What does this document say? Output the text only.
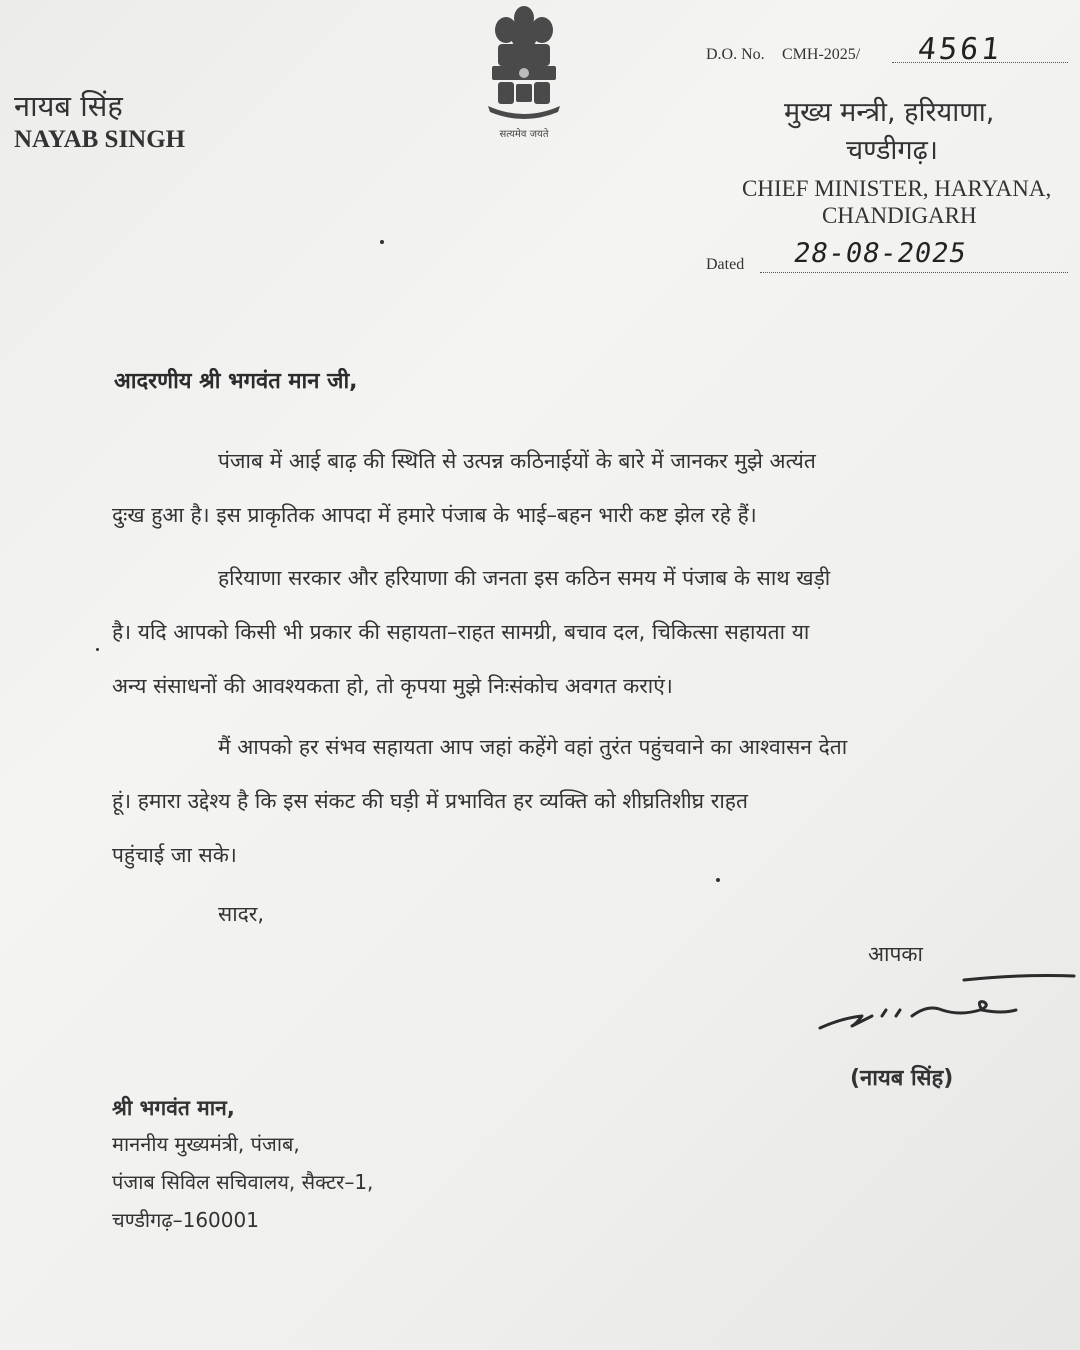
नायब सिंह
NAYAB SINGH	सत्यमेव जयते
D.O. No. CMH-2025/ 4561
मुख्य मन्त्री, हरियाणा,
चण्डीगढ़।
CHIEF MINISTER, HARYANA,
CHANDIGARH
Dated 28-08-2025
आदरणीय श्री भगवंत मान जी,
पंजाब में आई बाढ़ की स्थिति से उत्पन्न कठिनाईयों के बारे में जानकर मुझे अत्यंत
दुःख हुआ है। इस प्राकृतिक आपदा में हमारे पंजाब के भाई–बहन भारी कष्ट झेल रहे हैं।
हरियाणा सरकार और हरियाणा की जनता इस कठिन समय में पंजाब के साथ खड़ी
है। यदि आपको किसी भी प्रकार की सहायता–राहत सामग्री, बचाव दल, चिकित्सा सहायता या
अन्य संसाधनों की आवश्यकता हो, तो कृपया मुझे निःसंकोच अवगत कराएं।
मैं आपको हर संभव सहायता आप जहां कहेंगे वहां तुरंत पहुंचवाने का आश्वासन देता
हूं। हमारा उद्देश्य है कि इस संकट की घड़ी में प्रभावित हर व्यक्ति को शीघ्रतिशीघ्र राहत
पहुंचाई जा सके।
सादर,
आपका
(नायब सिंह)
श्री भगवंत मान,
माननीय मुख्यमंत्री, पंजाब,
पंजाब सिविल सचिवालय, सैक्टर–1,
चण्डीगढ़–160001
